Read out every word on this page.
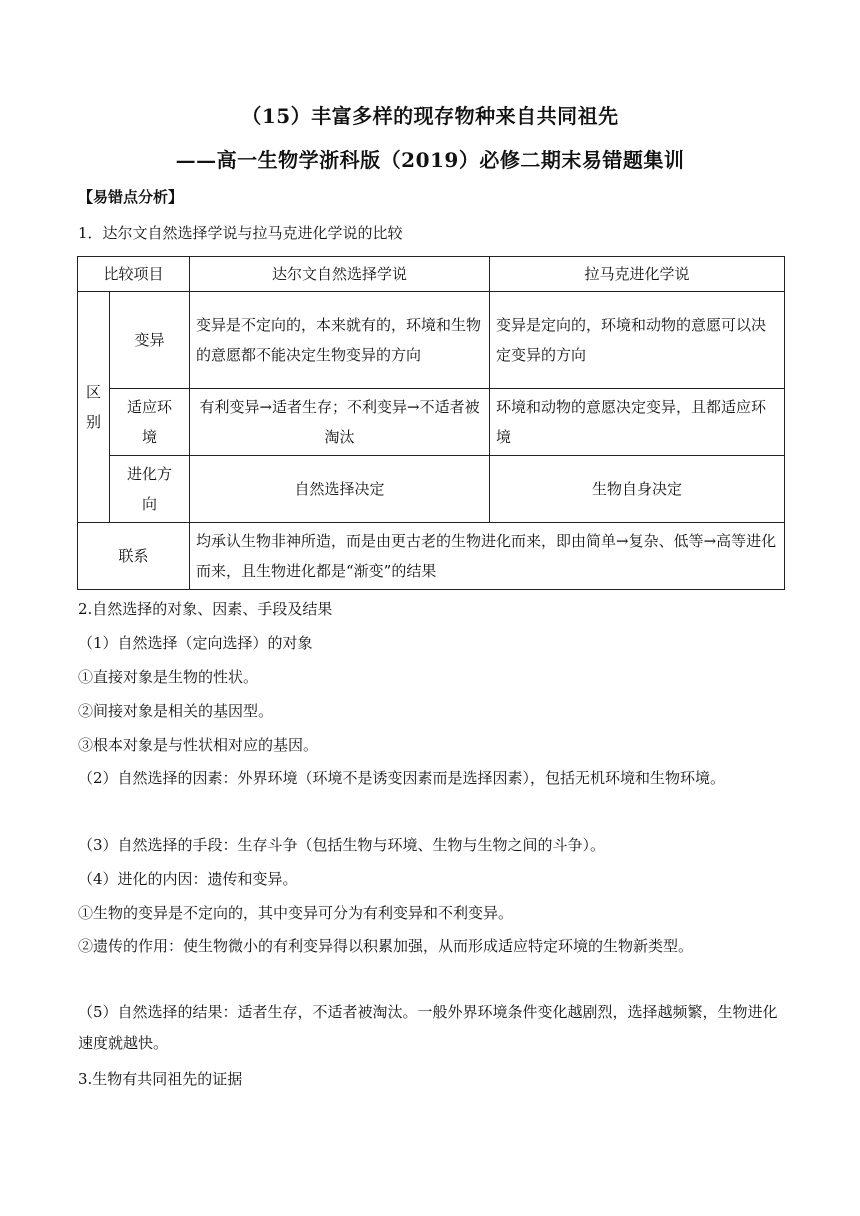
（15）丰富多样的现存物种来自共同祖先
——高一生物学浙科版（2019）必修二期末易错题集训
【易错点分析】
1．达尔文自然选择学说与拉马克进化学说的比较
比较项目		达尔文自然选择学说	拉马克进化学说
区
别	变异	变异是不定向的，本来就有的，环境和生物的意愿都不能决定生物变异的方向	变异是定向的，环境和动物的意愿可以决定变异的方向
	适应环境	有利变异→适者生存；不利变异→不适者被淘汰	环境和动物的意愿决定变异，且都适应环境
	进化方向	自然选择决定	生物自身决定
联系		均承认生物非神所造，而是由更古老的生物进化而来，即由简单→复杂、低等→高等进化而来，且生物进化都是“渐变”的结果	
2.自然选择的对象、因素、手段及结果
（1）自然选择（定向选择）的对象
①直接对象是生物的性状。
②间接对象是相关的基因型。
③根本对象是与性状相对应的基因。
（2）自然选择的因素：外界环境（环境不是诱变因素而是选择因素），包括无机环境和生物环境。
（3）自然选择的手段：生存斗争（包括生物与环境、生物与生物之间的斗争）。
（4）进化的内因：遗传和变异。
①生物的变异是不定向的，其中变异可分为有利变异和不利变异。
②遗传的作用：使生物微小的有利变异得以积累加强，从而形成适应特定环境的生物新类型。
（5）自然选择的结果：适者生存，不适者被淘汰。一般外界环境条件变化越剧烈，选择越频繁，生物进化速度就越快。
3.生物有共同祖先的证据
